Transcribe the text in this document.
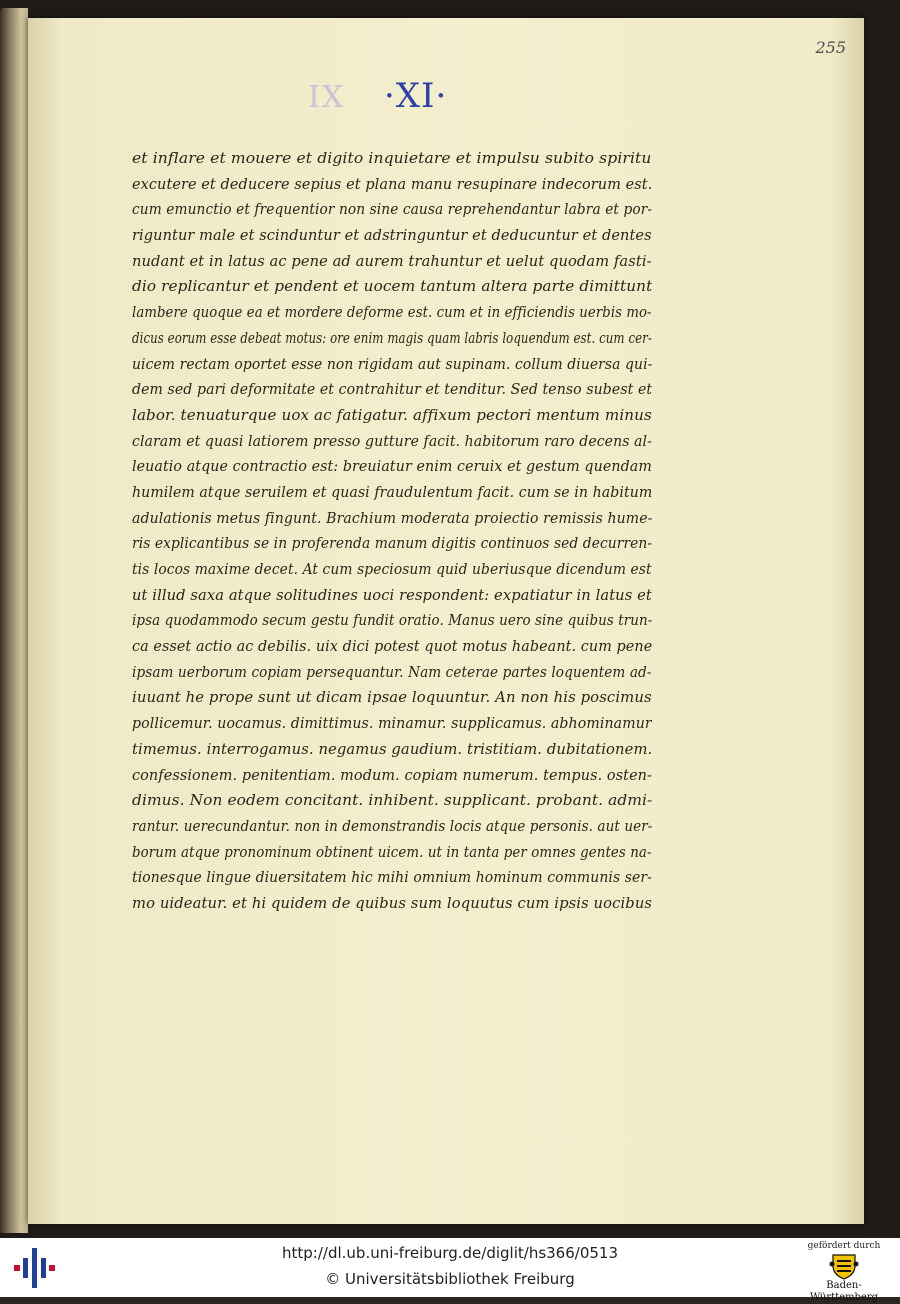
255
IX ·XI·
et inflare et mouere et digito inquietare et impulsu subito spiritu
excutere et deducere sepius et plana manu resupinare indecorum est.
cum emunctio et frequentior non sine causa reprehendantur labra et por-
riguntur male et scinduntur et adstringuntur et deducuntur et dentes
nudant et in latus ac pene ad aurem trahuntur et uelut quodam fasti-
dio replicantur et pendent et uocem tantum altera parte dimittunt
lambere quoque ea et mordere deforme est. cum et in efficiendis uerbis mo-
dicus eorum esse debeat motus: ore enim magis quam labris loquendum est. cum cer-
uicem rectam oportet esse non rigidam aut supinam. collum diuersa qui-
dem sed pari deformitate et contrahitur et tenditur. Sed tenso subest et
labor. tenuaturque uox ac fatigatur. affixum pectori mentum minus
claram et quasi latiorem presso gutture facit. habitorum raro decens al-
leuatio atque contractio est: breuiatur enim ceruix et gestum quendam
humilem atque seruilem et quasi fraudulentum facit. cum se in habitum
adulationis metus fingunt. Brachium moderata proiectio remissis hume-
ris explicantibus se in proferenda manum digitis continuos sed decurren-
tis locos maxime decet. At cum speciosum quid uberiusque dicendum est
ut illud saxa atque solitudines uoci respondent: expatiatur in latus et
ipsa quodammodo secum gestu fundit oratio. Manus uero sine quibus trun-
ca esset actio ac debilis. uix dici potest quot motus habeant. cum pene
ipsam uerborum copiam persequantur. Nam ceterae partes loquentem ad-
iuuant he prope sunt ut dicam ipsae loquuntur. An non his poscimus
pollicemur. uocamus. dimittimus. minamur. supplicamus. abhominamur
timemus. interrogamus. negamus gaudium. tristitiam. dubitationem.
confessionem. penitentiam. modum. copiam numerum. tempus. osten-
dimus. Non eodem concitant. inhibent. supplicant. probant. admi-
rantur. uerecundantur. non in demonstrandis locis atque personis. aut uer-
borum atque pronominum obtinent uicem. ut in tanta per omnes gentes na-
tionesque lingue diuersitatem hic mihi omnium hominum communis ser-
mo uideatur. et hi quidem de quibus sum loquutus cum ipsis uocibus
http://dl.ub.uni-freiburg.de/diglit/hs366/0513
© Universitätsbibliothek Freiburg
gefördert durch
Baden-Württemberg
